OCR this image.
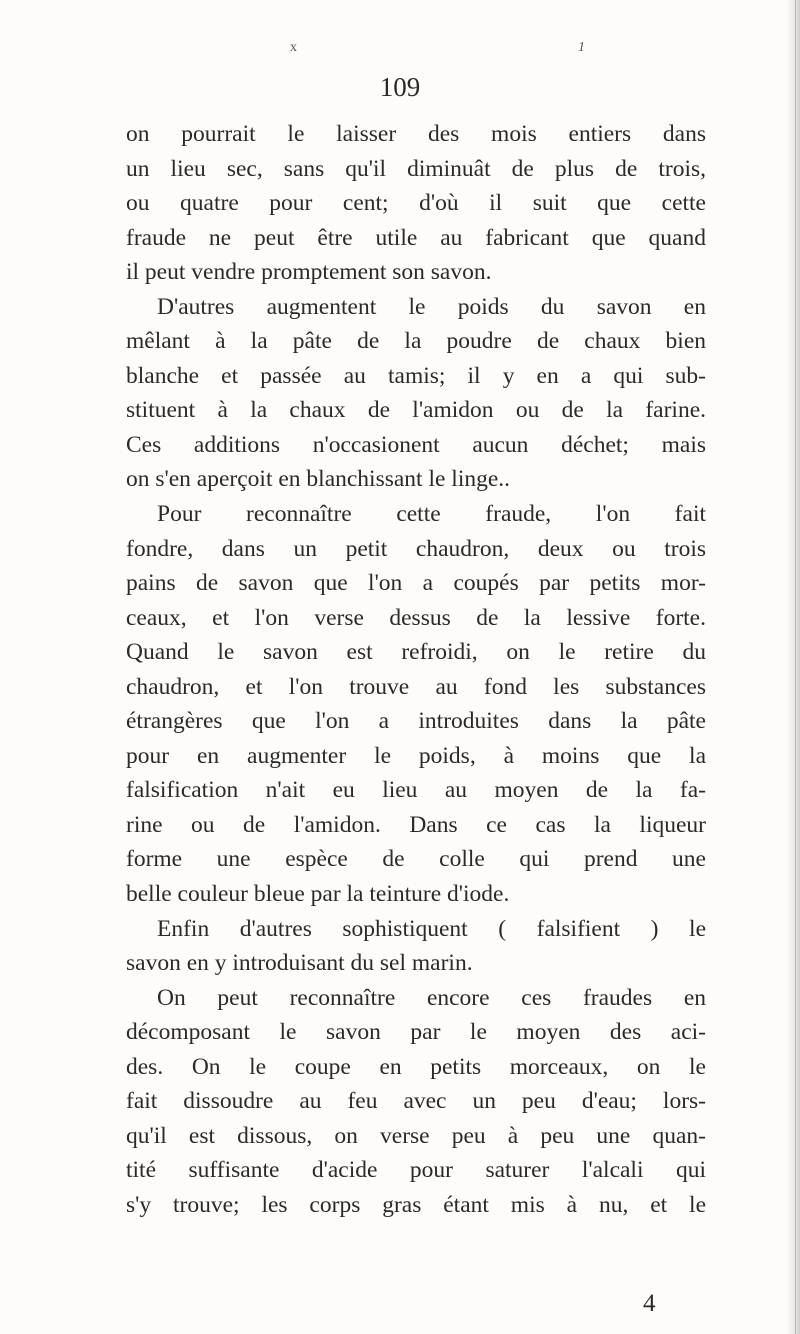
x	1
109
on pourrait le laisser des mois entiers dans
un lieu sec, sans qu'il diminuât de plus de trois,
ou quatre pour cent; d'où il suit que cette
fraude ne peut être utile au fabricant que quand
il peut vendre promptement son savon.
D'autres augmentent le poids du savon en
mêlant à la pâte de la poudre de chaux bien
blanche et passée au tamis; il y en a qui sub-
stituent à la chaux de l'amidon ou de la farine.
Ces additions n'occasionent aucun déchet; mais
on s'en aperçoit en blanchissant le linge..
Pour reconnaître cette fraude, l'on fait
fondre, dans un petit chaudron, deux ou trois
pains de savon que l'on a coupés par petits mor-
ceaux, et l'on verse dessus de la lessive forte.
Quand le savon est refroidi, on le retire du
chaudron, et l'on trouve au fond les substances
étrangères que l'on a introduites dans la pâte
pour en augmenter le poids, à moins que la
falsification n'ait eu lieu au moyen de la fa-
rine ou de l'amidon. Dans ce cas la liqueur
forme une espèce de colle qui prend une
belle couleur bleue par la teinture d'iode.
Enfin d'autres sophistiquent ( falsifient ) le
savon en y introduisant du sel marin.
On peut reconnaître encore ces fraudes en
décomposant le savon par le moyen des aci-
des. On le coupe en petits morceaux, on le
fait dissoudre au feu avec un peu d'eau; lors-
qu'il est dissous, on verse peu à peu une quan-
tité suffisante d'acide pour saturer l'alcali qui
s'y trouve; les corps gras étant mis à nu, et le
4
